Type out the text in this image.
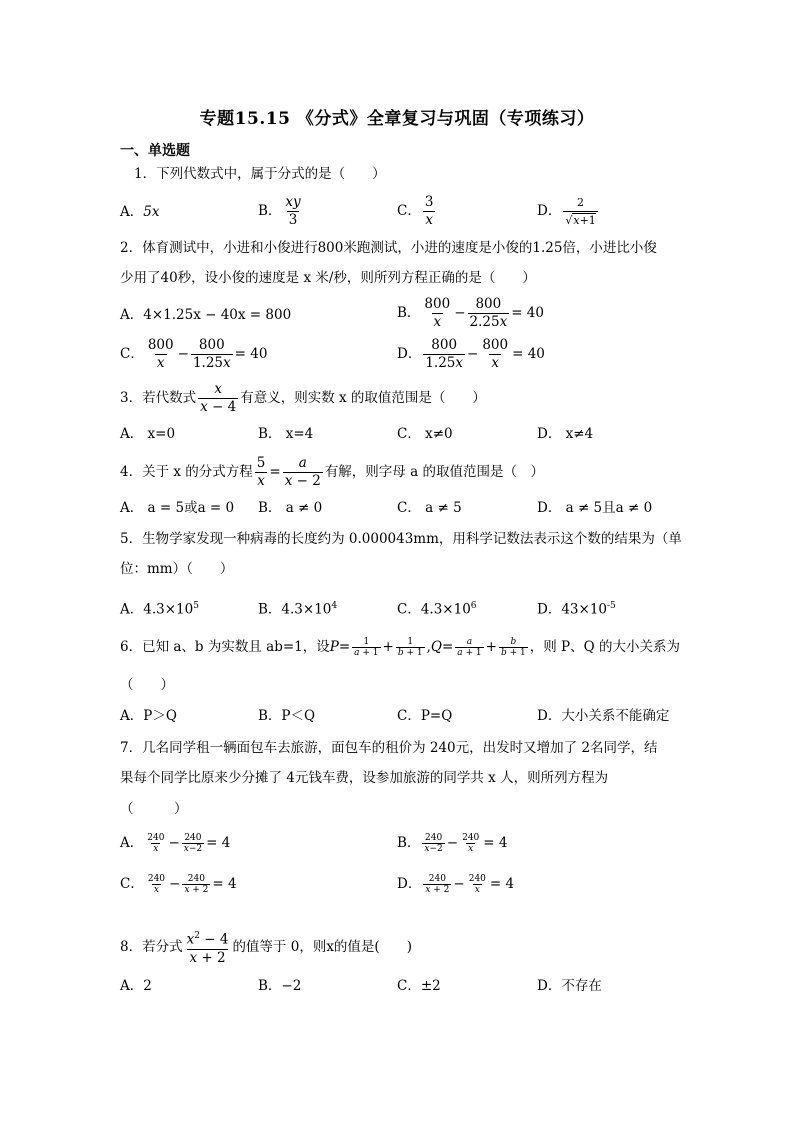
专题15.15 《分式》全章复习与巩固（专项练习）
一、单选题
1．下列代数式中，属于分式的是（　　）
A．5x	B． $\frac{xy}{3}$	C． $\frac{3}{x}$	D． $\frac{2}{√x+1}$
2．体育测试中，小进和小俊进行800米跑测试，小进的速度是小俊的1.25倍，小进比小俊
少用了40秒，设小俊的速度是 x 米/秒，则所列方程正确的是（　　）
A．4×1.25x − 40x = 800	B． $\frac{800}{x} - \frac{800}{2.25x} = 40$
C． $\frac{800}{x} - \frac{800}{1.25x} = 40$	D． $\frac{800}{1.25x} - \frac{800}{x} = 40$
3．若代数式 $\frac{x}{x - 4}$ 有意义，则实数 x 的取值范围是（　　）
A． x=0	B． x=4	C． x≠0	D． x≠4
4．关于 x 的分式方程 $\frac{5}{x} = \frac{a}{x - 2}$ 有解，则字母 a 的取值范围是（　）
A． a = 5或a = 0 B． a ≠ 0	C． a ≠ 5	D． a ≠ 5且a ≠ 0
5．生物学家发现一种病毒的长度约为 0.000043mm，用科学记数法表示这个数的结果为（单
位：mm）（　　）
A．$4.3\times 10^5$	B．$4.3\times 10^4$	C．$4.3\times 10^6$	D．$43\times 10^{-5}$
6．已知 a、b 为实数且 ab=1，设$P= \frac{1}{a + 1} + \frac{1}{b + 1} ,Q= \frac{a}{a + 1} + \frac{b}{b + 1}$ ，则 P、Q 的大小关系为
（　　）
A．P＞Q	B．P＜Q	C．P=Q	D．大小关系不能确定
7．几名同学租一辆面包车去旅游，面包车的租价为 240元，出发时又增加了 2名同学，结
果每个同学比原来少分摊了 4元钱车费，设参加旅游的同学共 x 人，则所列方程为
（　　　）
A． $\frac{240}{x} - \frac{240}{x-2} = 4$	B． $\frac{240}{x-2} - \frac{240}{x} = 4$
C． $\frac{240}{x} - \frac{240}{x + 2} = 4$	D． $\frac{240}{x + 2} - \frac{240}{x} = 4$
8．若分式 $\frac{x^2 - 4}{x + 2}$ 的值等于 0，则x的值是(　　)
A．2	B．−2	C．±2	D．不存在
